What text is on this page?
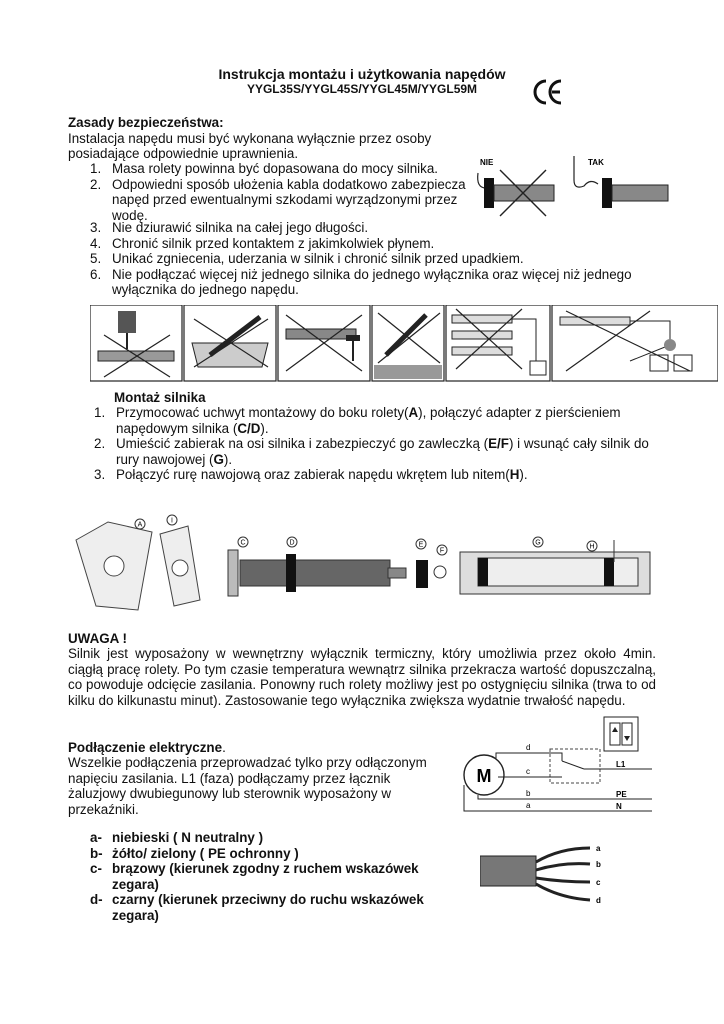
Instrukcja montażu i użytkowania napędów
YYGL35S/YYGL45S/YYGL45M/YYGL59M
Zasady bezpieczeństwa:
Instalacja napędu musi być wykonana wyłącznie przez osoby posiadające odpowiednie uprawnienia.
1. Masa rolety powinna być dopasowana do mocy silnika.
2. Odpowiedni sposób ułożenia kabla dodatkowo zabezpiecza napęd przed ewentualnymi szkodami wyrządzonymi przez wodę.
3. Nie dziurawić silnika na całej jego długości.
4. Chronić silnik przed kontaktem z jakimkolwiek płynem.
5. Unikać zgniecenia, uderzania w silnik i chronić silnik przed upadkiem.
6. Nie podłączać więcej niż jednego silnika do jednego wyłącznika oraz więcej niż jednego wyłącznika do jednego napędu.
NIE	TAK
Montaż silnika
1. Przymocować uchwyt montażowy do boku rolety(A), połączyć adapter z pierścieniem napędowym silnika (C/D).
2. Umieścić zabierak na osi silnika i zabezpieczyć go zawleczką (E/F) i wsunąć cały silnik do rury nawojowej (G).
3. Połączyć rurę nawojową oraz zabierak napędu wkrętem lub nitem(H).
A
I
C	D	E
F
G
H
UWAGA !
Silnik jest wyposażony w wewnętrzny wyłącznik termiczny, który umożliwia przez około 4min. ciągłą pracę rolety. Po tym czasie temperatura wewnątrz silnika przekracza wartość dopuszczalną, co powoduje odcięcie zasilania. Ponowny ruch rolety możliwy jest po ostygnięciu silnika (trwa to od kilku do kilkunastu minut). Zastosowanie tego wyłącznika zwiększa wydatnie trwałość napędu.
Podłączenie elektryczne.
Wszelkie podłączenia przeprowadzać tylko przy odłączonym napięciu zasilania. L1 (faza) podłączamy przez łącznik żaluzjowy dwubiegunowy lub sterownik wyposażony w przekaźniki.
a- niebieski ( N neutralny )
b- żółto/ zielony ( PE ochronny )
c- brązowy (kierunek zgodny z ruchem wskazówek zegara)
d- czarny (kierunek przeciwny do ruchu wskazówek zegara)
M
d
c
b
a
L1
PE
N
a
b
c
d
